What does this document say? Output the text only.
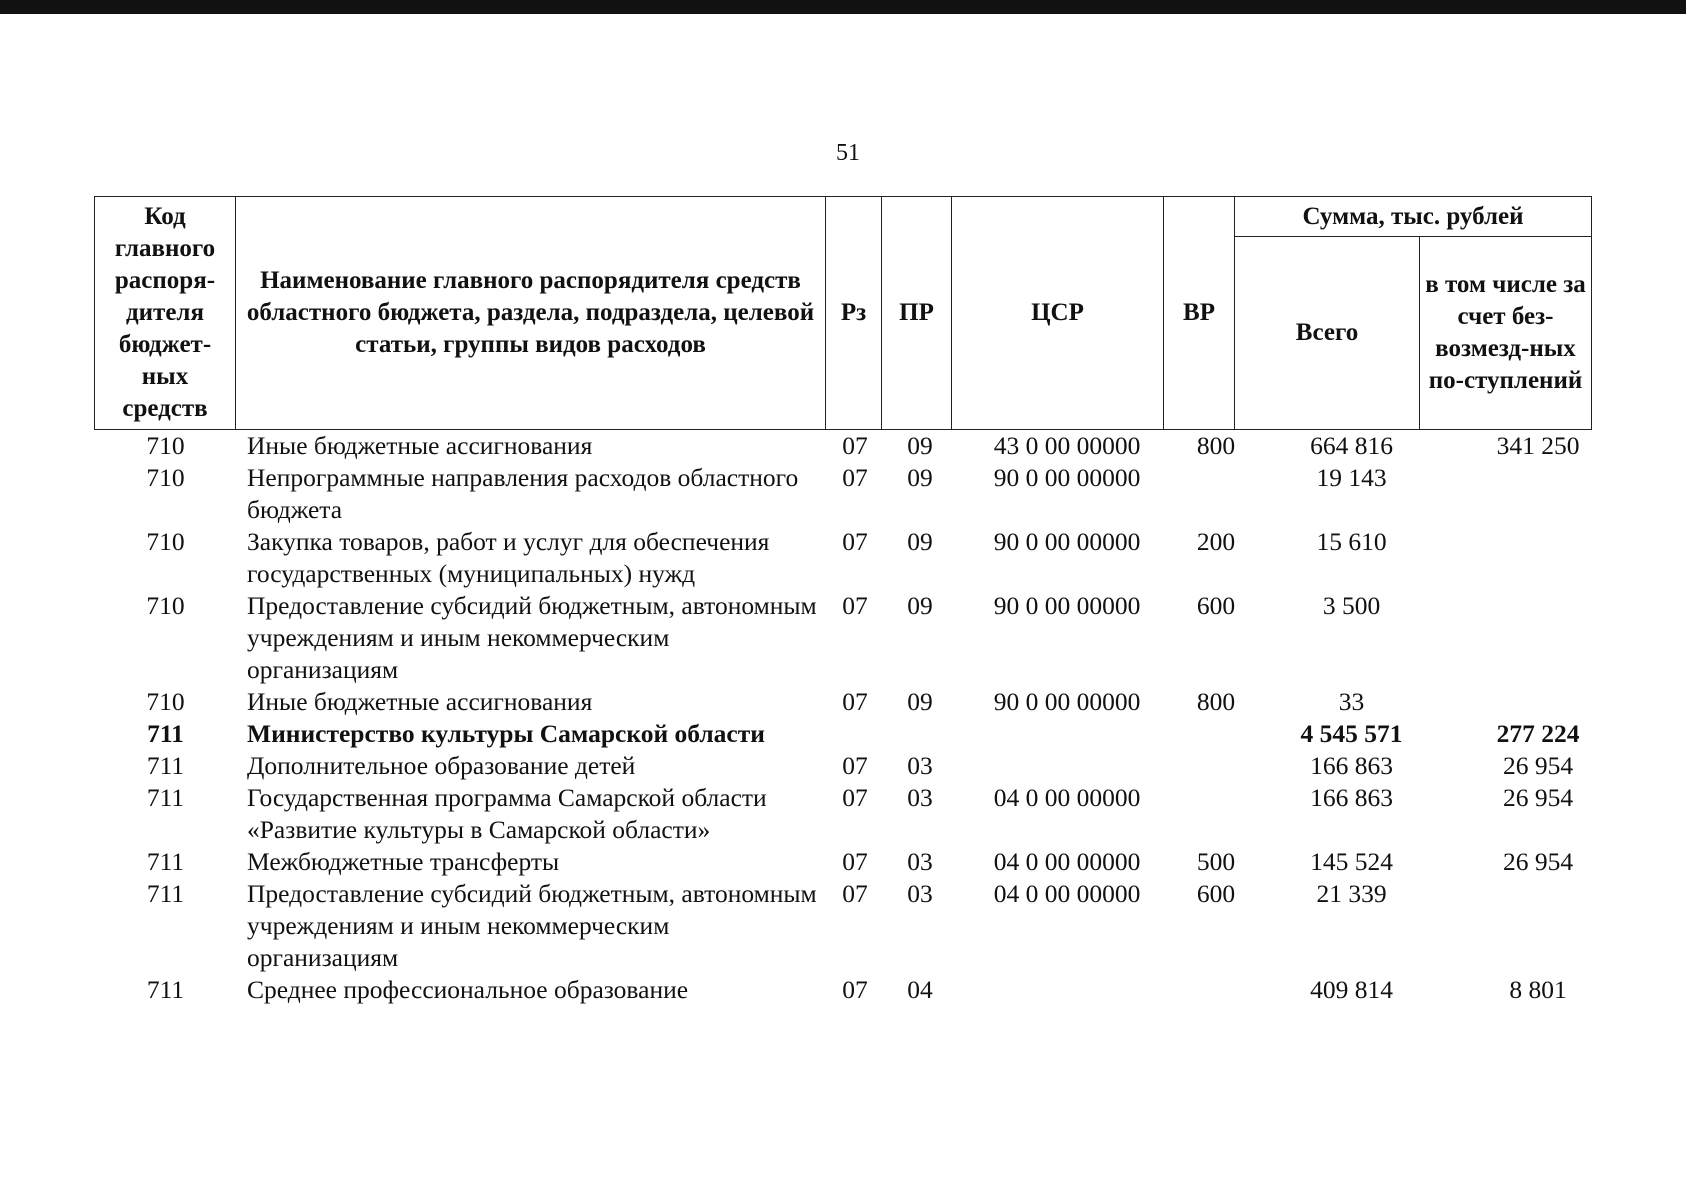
51
Код главного распоря-дителя бюджет-ных средств	Наименование главного распорядителя средств областного бюджета, раздела, подраздела, целевой статьи, группы видов расходов	Рз	ПР	ЦСР	ВР	Сумма, тыс. рублей	
						Всего	в том числе за счет без-возмезд-ных по-ступлений
710	Иные бюджетные ассигнования	07	09	43 0 00 00000	800	664 816	341 250
710	Непрограммные направления расходов областного бюджета	07	09	90 0 00 00000		19 143	
710	Закупка товаров, работ и услуг для обеспечения государственных (муниципальных) нужд	07	09	90 0 00 00000	200	15 610	
710	Предоставление субсидий бюджетным, автономным учреждениям и иным некоммерческим организациям	07	09	90 0 00 00000	600	3 500	
710	Иные бюджетные ассигнования	07	09	90 0 00 00000	800	33	
711	Министерство культуры Самарской области					4 545 571	277 224
711	Дополнительное образование детей	07	03			166 863	26 954
711	Государственная программа Самарской области «Развитие культуры в Самарской области»	07	03	04 0 00 00000		166 863	26 954
711	Межбюджетные трансферты	07	03	04 0 00 00000	500	145 524	26 954
711	Предоставление субсидий бюджетным, автономным учреждениям и иным некоммерческим организациям	07	03	04 0 00 00000	600	21 339	
711	Среднее профессиональное образование	07	04			409 814	8 801
